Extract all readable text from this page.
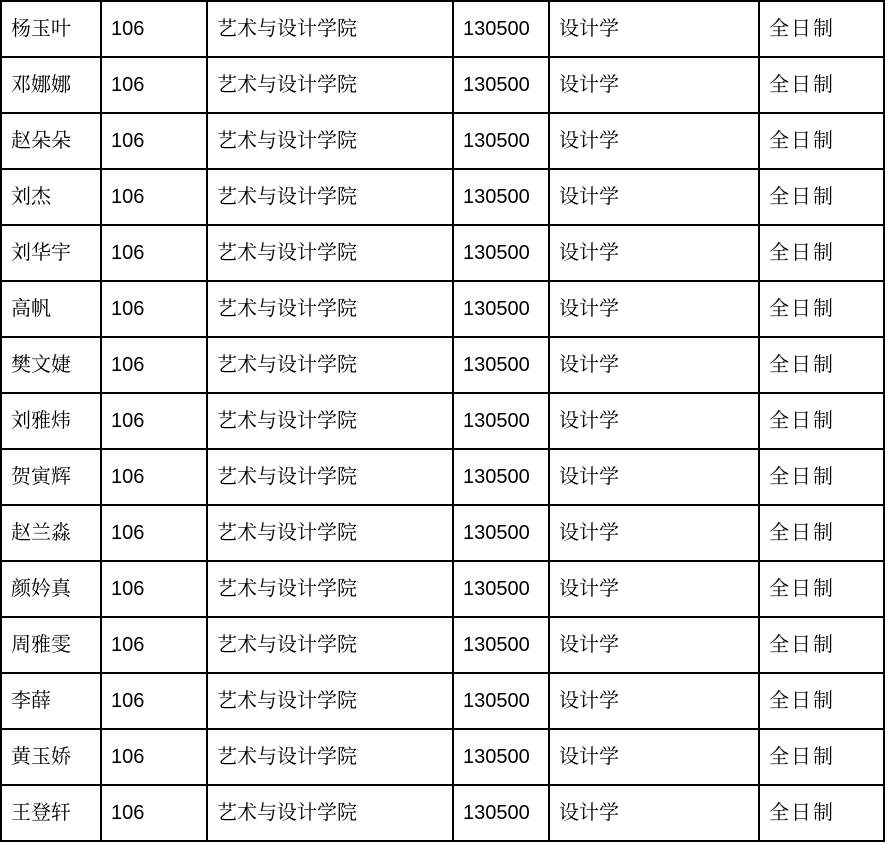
杨玉叶	106	艺术与设计学院	130500	设计学	全日制
邓娜娜	106	艺术与设计学院	130500	设计学	全日制
赵朵朵	106	艺术与设计学院	130500	设计学	全日制
刘杰	106	艺术与设计学院	130500	设计学	全日制
刘华宇	106	艺术与设计学院	130500	设计学	全日制
高帆	106	艺术与设计学院	130500	设计学	全日制
樊文婕	106	艺术与设计学院	130500	设计学	全日制
刘雅炜	106	艺术与设计学院	130500	设计学	全日制
贺寅辉	106	艺术与设计学院	130500	设计学	全日制
赵兰淼	106	艺术与设计学院	130500	设计学	全日制
颜妗真	106	艺术与设计学院	130500	设计学	全日制
周雅雯	106	艺术与设计学院	130500	设计学	全日制
李薛	106	艺术与设计学院	130500	设计学	全日制
黄玉娇	106	艺术与设计学院	130500	设计学	全日制
王登轩	106	艺术与设计学院	130500	设计学	全日制
